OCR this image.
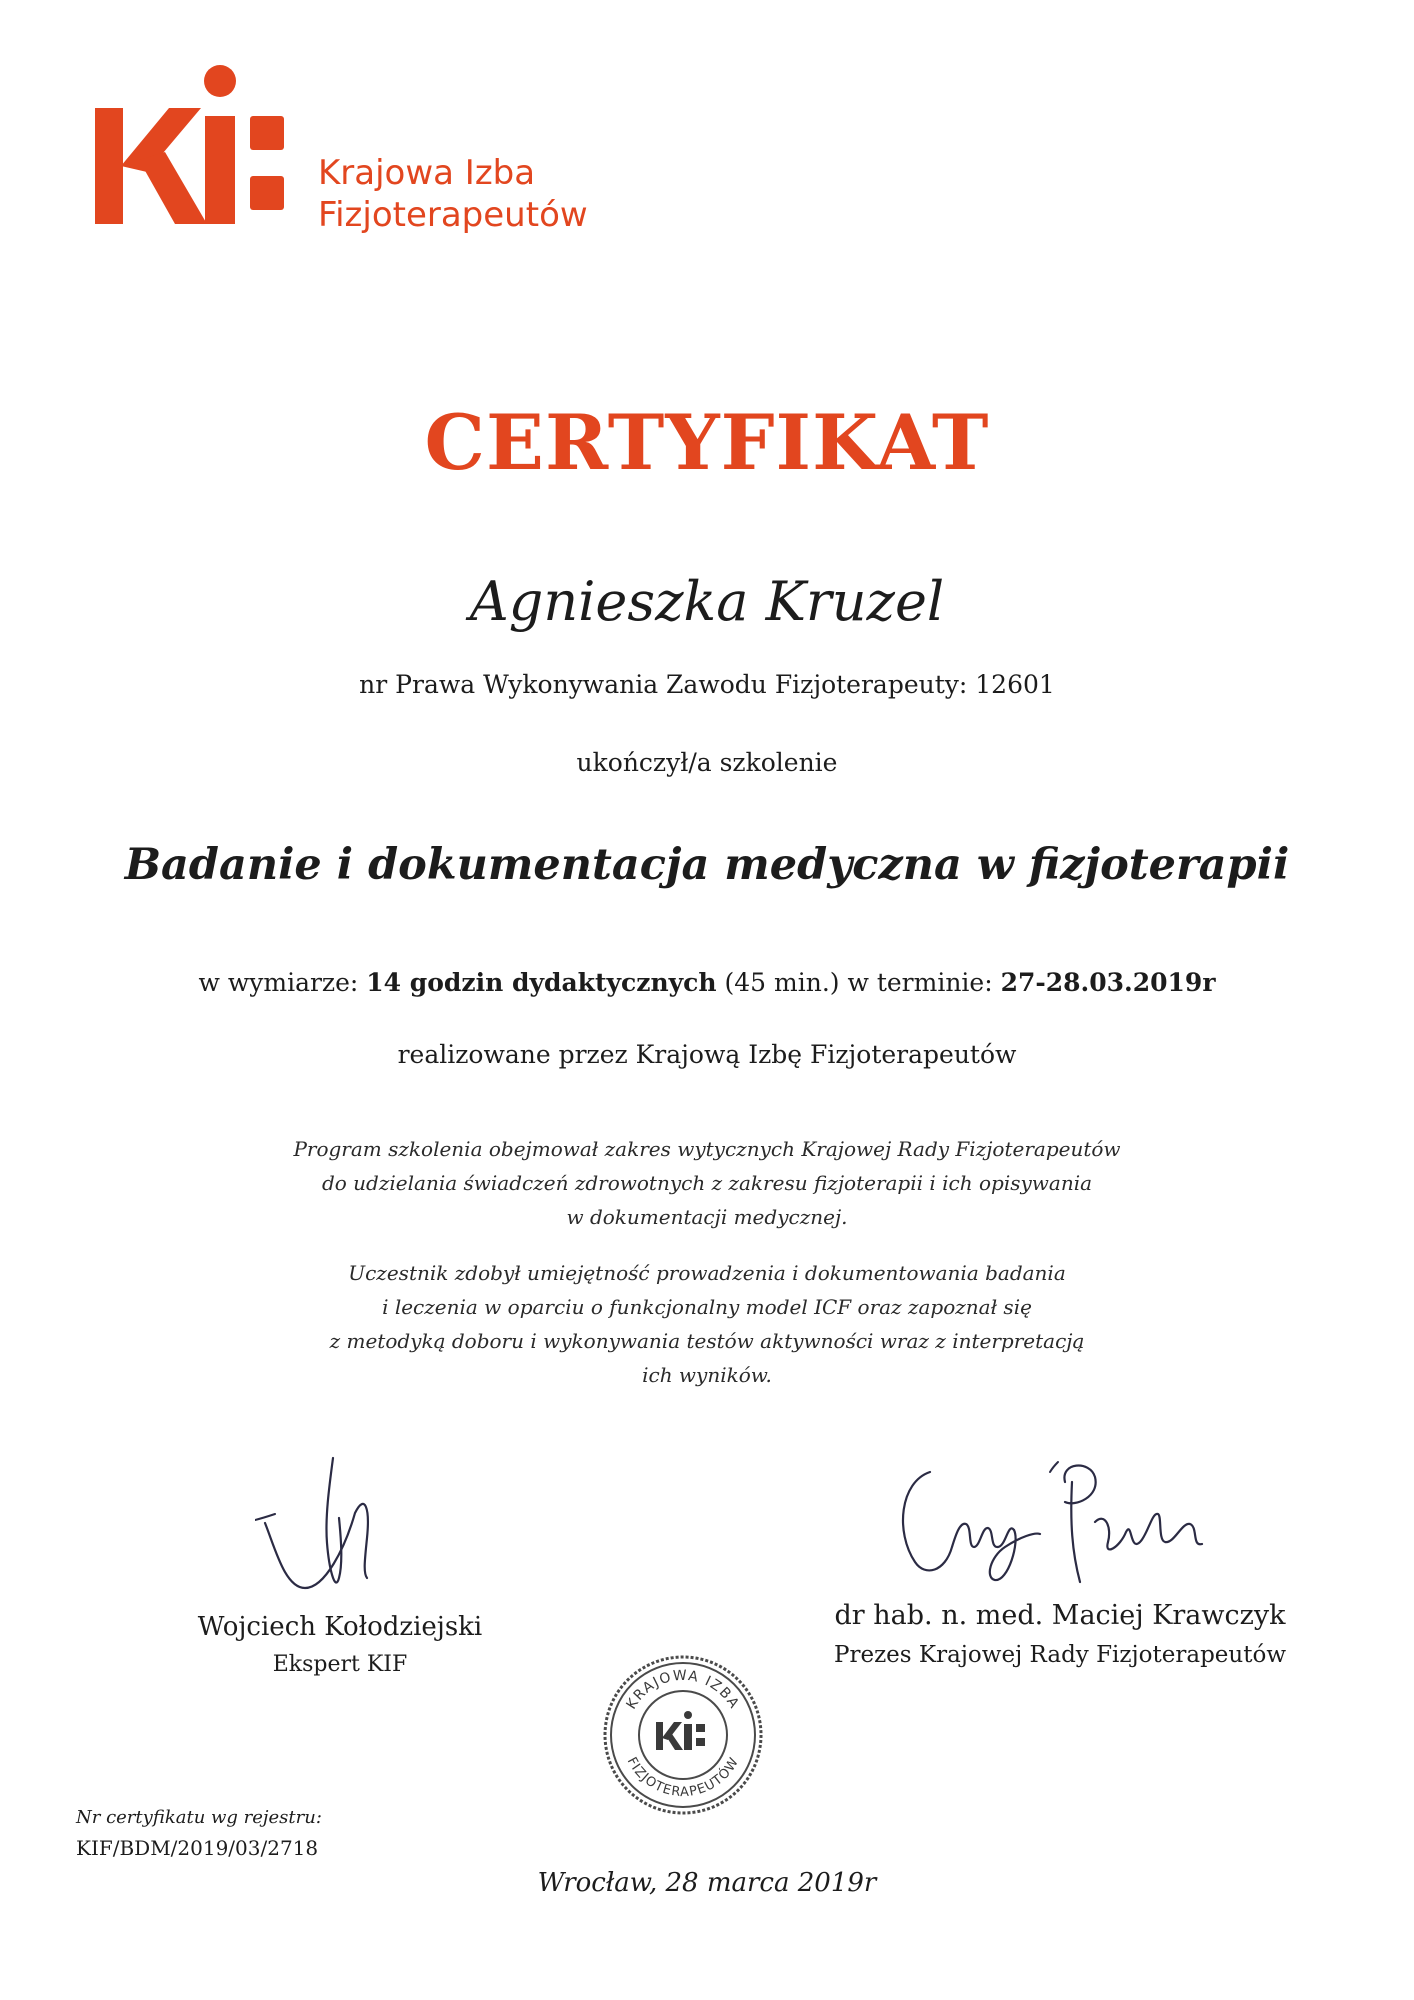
Krajowa Izba
Fizjoterapeutów
CERTYFIKAT
Agnieszka Kruzel
nr Prawa Wykonywania Zawodu Fizjoterapeuty: 12601
ukończył/a szkolenie
Badanie i dokumentacja medyczna w fizjoterapii
w wymiarze: 14 godzin dydaktycznych (45 min.) w terminie: 27-28.03.2019r
realizowane przez Krajową Izbę Fizjoterapeutów

Program szkolenia obejmował zakres wytycznych Krajowej Rady Fizjoterapeutów
do udzielania świadczeń zdrowotnych z zakresu fizjoterapii i ich opisywania
w dokumentacji medycznej.

Uczestnik zdobył umiejętność prowadzenia i dokumentowania badania
i leczenia w oparciu o funkcjonalny model ICF oraz zapoznał się
z metodyką doboru i wykonywania testów aktywności wraz z interpretacją
ich wyników.

Wojciech Kołodziejski
Ekspert KIF
dr hab. n. med. Maciej Krawczyk
Prezes Krajowej Rady Fizjoterapeutów
KRAJOWA IZBA
FIZJOTERAPEUTÓW
Nr certyfikatu wg rejestru:
KIF/BDM/2019/03/2718
Wrocław, 28 marca 2019r
